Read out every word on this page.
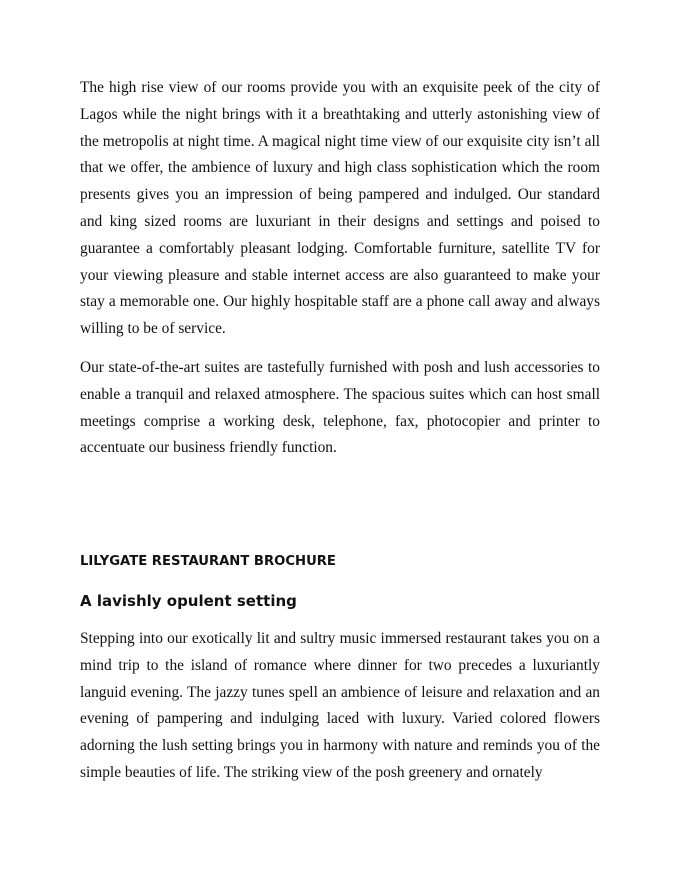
The high rise view of our rooms provide you with an exquisite peek of the city of Lagos while the night brings with it a breathtaking and utterly astonishing view of the metropolis at night time. A magical night time view of our exquisite city isn’t all that we offer, the ambience of luxury and high class sophistication which the room presents gives you an impression of being pampered and indulged. Our standard and king sized rooms are luxuriant in their designs and settings and poised to guarantee a comfortably pleasant lodging. Comfortable furniture, satellite TV for your viewing pleasure and stable internet access are also guaranteed to make your stay a memorable one. Our highly hospitable staff are a phone call away and always willing to be of service.

Our state-of-the-art suites are tastefully furnished with posh and lush accessories to enable a tranquil and relaxed atmosphere. The spacious suites which can host small meetings comprise a working desk, telephone, fax, photocopier and printer to accentuate our business friendly function.

LILYGATE RESTAURANT BROCHURE
A lavishly opulent setting

Stepping into our exotically lit and sultry music immersed restaurant takes you on a mind trip to the island of romance where dinner for two precedes a luxuriantly languid evening. The jazzy tunes spell an ambience of leisure and relaxation and an evening of pampering and indulging laced with luxury. Varied colored flowers adorning the lush setting brings you in harmony with nature and reminds you of the simple beauties of life. The striking view of the posh greenery and ornately
